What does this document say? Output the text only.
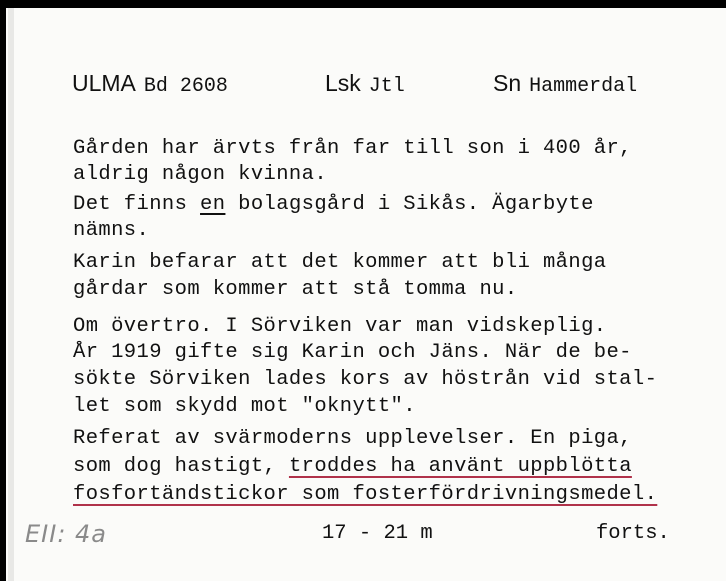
ULMA Bd 2608	Lsk Jtl	Sn Hammerdal
Gården har ärvts från far till son i 400 år,
aldrig någon kvinna.
Det finns en bolagsgård i Sikås. Ägarbyte
nämns.
Karin befarar att det kommer att bli många
gårdar som kommer att stå tomma nu.
Om övertro. I Sörviken var man vidskeplig.
År 1919 gifte sig Karin och Jäns. När de be-
sökte Sörviken lades kors av höstrån vid stal-
let som skydd mot "oknytt".
Referat av svärmoderns upplevelser. En piga,
som dog hastigt, troddes ha använt uppblötta
fosfortändstickor som fosterfördrivningsmedel.
EII: 4a	17 - 21 m	forts.
